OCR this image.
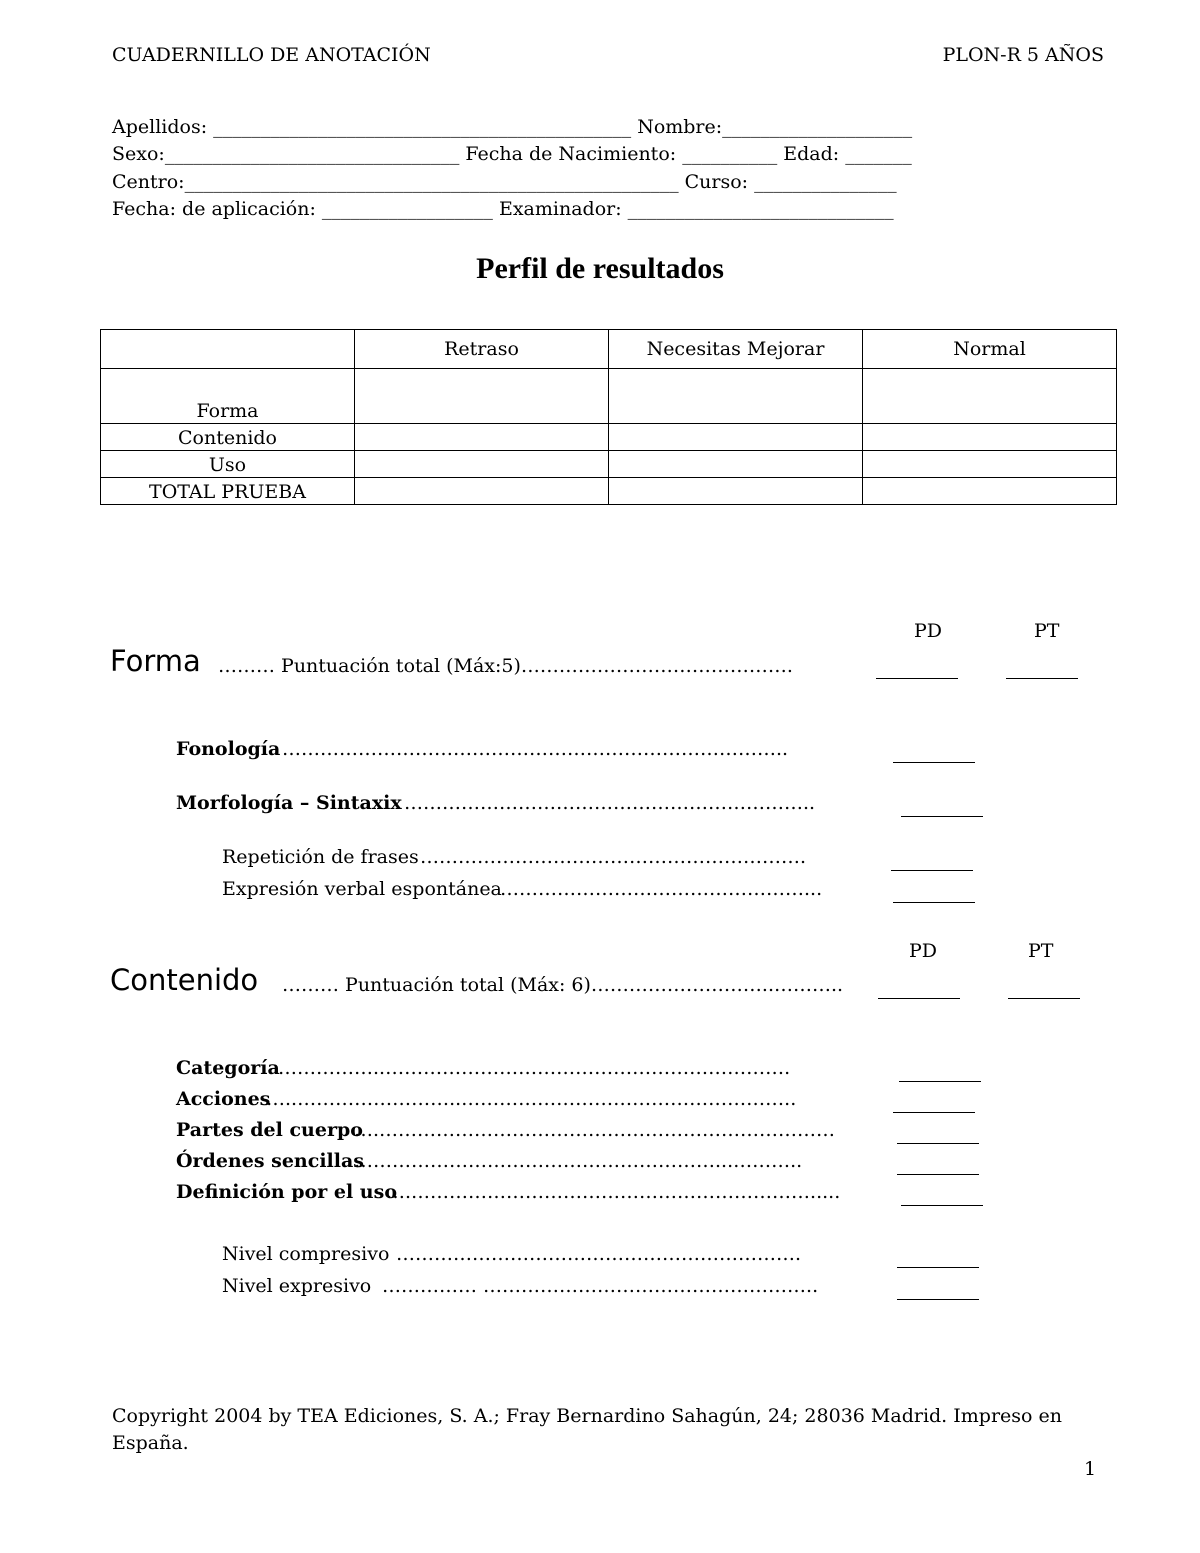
CUADERNILLO DE ANOTACIÓN	PLON-R 5 AÑOS
Apellidos: ____________________________________________ Nombre:____________________
Sexo:_______________________________ Fecha de Nacimiento: __________ Edad: _______
Centro:____________________________________________________ Curso: _______________
Fecha: de aplicación: __________________ Examinador: ____________________________
Perfil de resultados
	Retraso	Necesitas Mejorar	Normal
Forma			
Contenido			
Uso			
TOTAL PRUEBA			
PD	PT
Forma ……… Puntuación total (Máx:5)…………………………………….
Fonología ……………………………………………………………………..
Morfología – Sintaxix ………………………………………………………..
Repetición de frases …………………………………………………….
Expresión verbal espontánea
…………………………………………...
PD	PT
Contenido ……… Puntuación total (Máx: 6)………………………..………..
Categoría
……………..……………………………………………………….
Acciones
…..……………………..……………………………………………..
Partes del cuerpo
….………………………………………………………………
Órdenes sencillas
…………………………………………………...………..
Definición por el uso
….……………………………………………………….....
Nivel compresivo ……………………………………………………….
Nivel expresivo …………… ……………………………………………..
Copyright 2004 by TEA Ediciones, S. A.; Fray Bernardino Sahagún, 24; 28036 Madrid. Impreso en España.
1
